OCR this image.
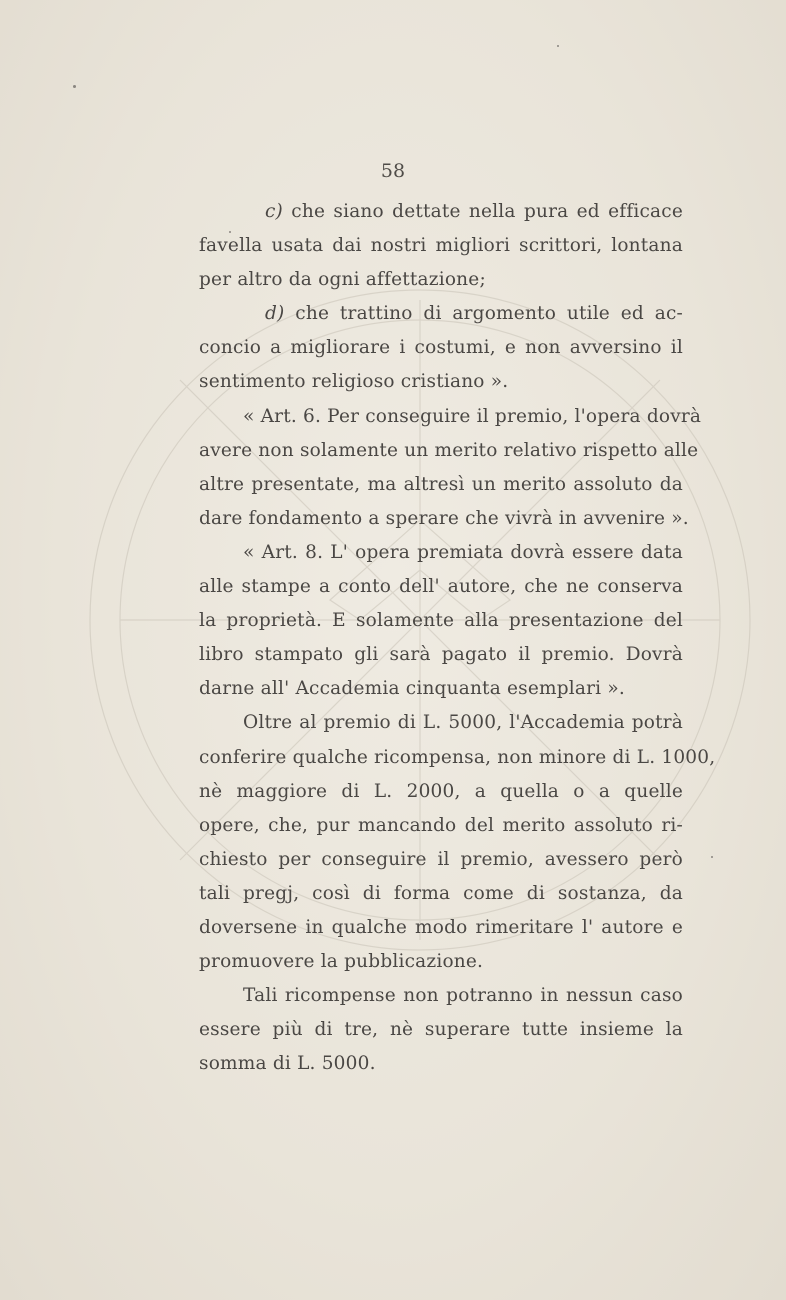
58
c) che siano dettate nella pura ed efficace
favella usata dai nostri migliori scrittori, lontana
per altro da ogni affettazione;
d) che trattino di argomento utile ed ac-
concio a migliorare i costumi, e non avversino il
sentimento religioso cristiano ».
« Art. 6. Per conseguire il premio, l'opera dovrà
avere non solamente un merito relativo rispetto alle
altre presentate, ma altresì un merito assoluto da
dare fondamento a sperare che vivrà in avvenire ».
« Art. 8. L' opera premiata dovrà essere data
alle stampe a conto dell' autore, che ne conserva
la proprietà. E solamente alla presentazione del
libro stampato gli sarà pagato il premio. Dovrà
darne all' Accademia cinquanta esemplari ».
Oltre al premio di L. 5000, l'Accademia potrà
conferire qualche ricompensa, non minore di L. 1000,
nè maggiore di L. 2000, a quella o a quelle
opere, che, pur mancando del merito assoluto ri-
chiesto per conseguire il premio, avessero però
tali pregj, così di forma come di sostanza, da
doversene in qualche modo rimeritare l' autore e
promuovere la pubblicazione.
Tali ricompense non potranno in nessun caso
essere più di tre, nè superare tutte insieme la
somma di L. 5000.
